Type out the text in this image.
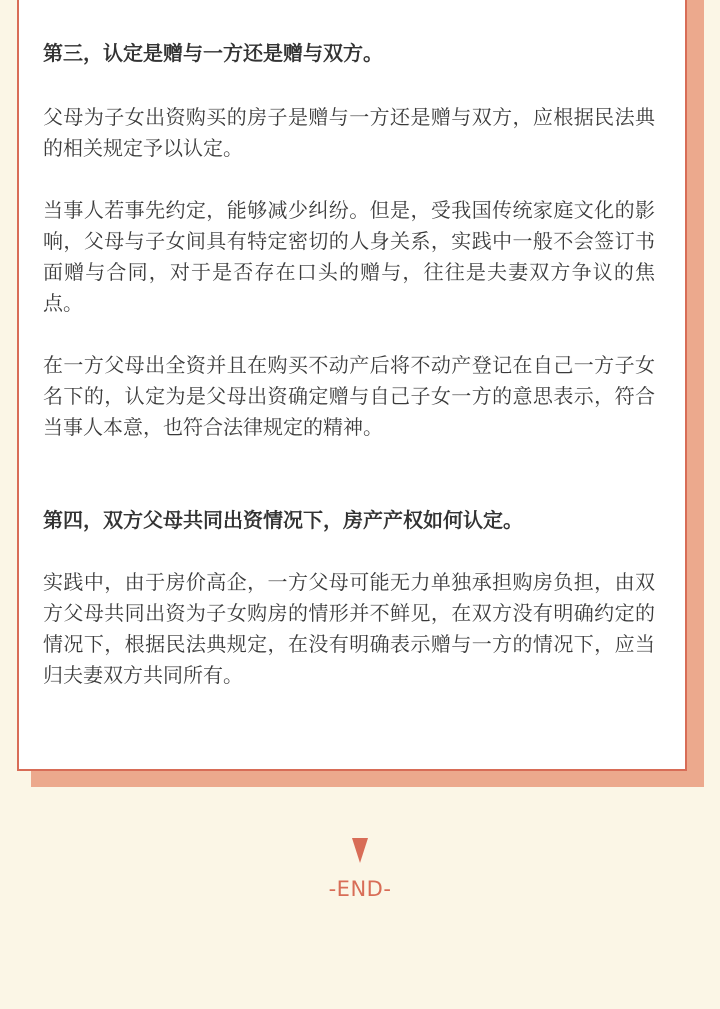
第三，认定是赠与一方还是赠与双方。

父母为子女出资购买的房子是赠与一方还是赠与双方，应根据民法典的相关规定予以认定。

当事人若事先约定，能够减少纠纷。但是，受我国传统家庭文化的影响，父母与子女间具有特定密切的人身关系，实践中一般不会签订书面赠与合同，对于是否存在口头的赠与，往往是夫妻双方争议的焦点。

在一方父母出全资并且在购买不动产后将不动产登记在自己一方子女名下的，认定为是父母出资确定赠与自己子女一方的意思表示，符合当事人本意，也符合法律规定的精神。

第四，双方父母共同出资情况下，房产产权如何认定。

实践中，由于房价高企，一方父母可能无力单独承担购房负担，由双方父母共同出资为子女购房的情形并不鲜见，在双方没有明确约定的情况下，根据民法典规定，在没有明确表示赠与一方的情况下，应当归夫妻双方共同所有。

-END-
